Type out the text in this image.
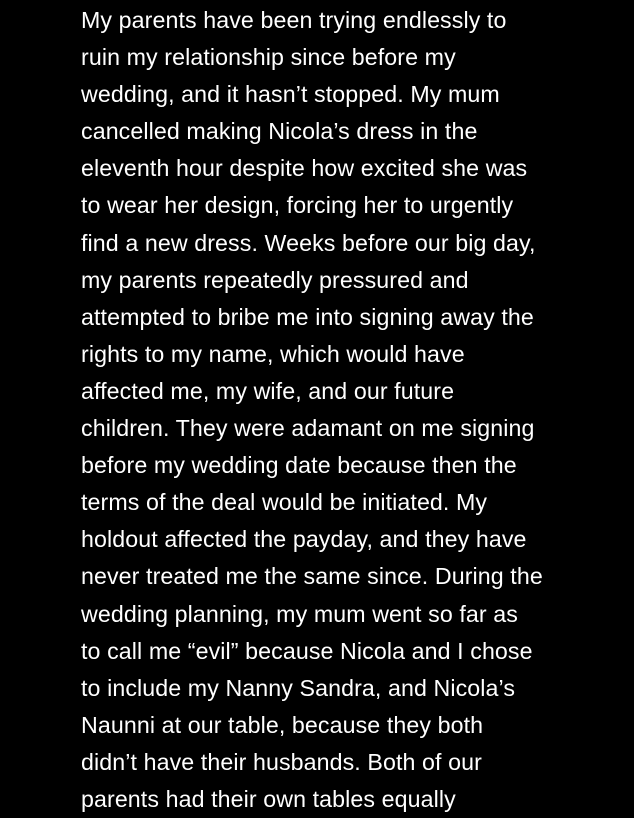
My parents have been trying endlessly to
ruin my relationship since before my
wedding, and it hasn’t stopped. My mum
cancelled making Nicola’s dress in the
eleventh hour despite how excited she was
to wear her design, forcing her to urgently
find a new dress. Weeks before our big day,
my parents repeatedly pressured and
attempted to bribe me into signing away the
rights to my name, which would have
affected me, my wife, and our future
children. They were adamant on me signing
before my wedding date because then the
terms of the deal would be initiated. My
holdout affected the payday, and they have
never treated me the same since. During the
wedding planning, my mum went so far as
to call me “evil” because Nicola and I chose
to include my Nanny Sandra, and Nicola’s
Naunni at our table, because they both
didn’t have their husbands. Both of our
parents had their own tables equally
